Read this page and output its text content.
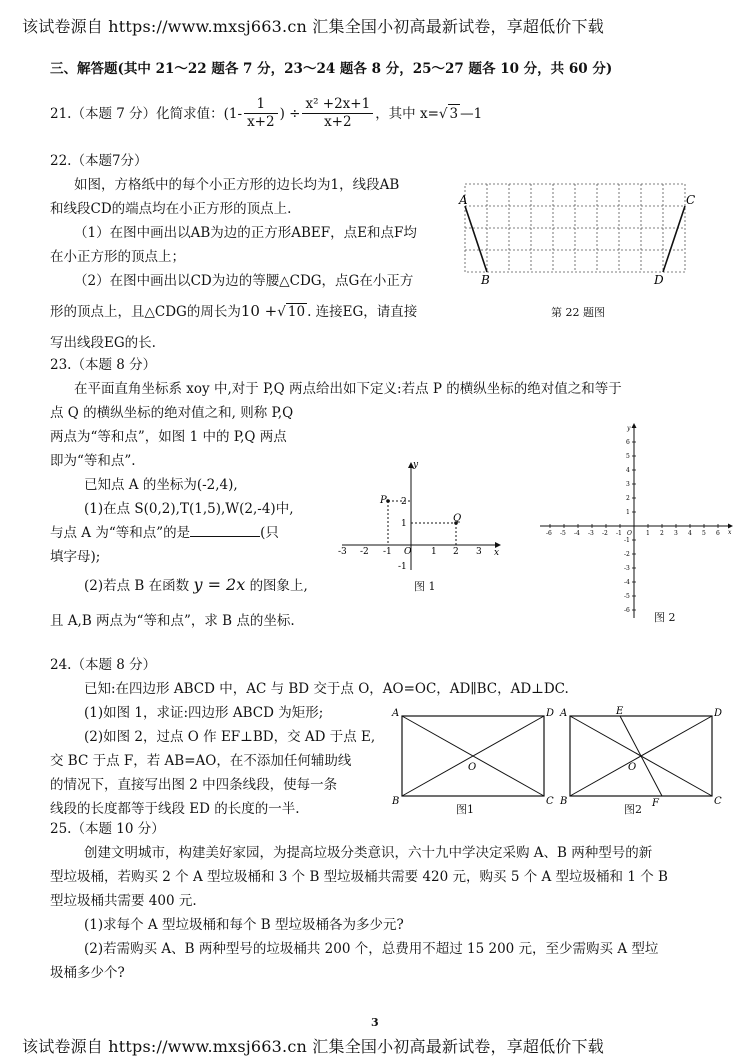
该试卷源自 https://www.mxsj663.cn 汇集全国小初高最新试卷，享超低价下载
三、解答题(其中 21～22 题各 7 分，23～24 题各 8 分，25～27 题各 10 分，共 60 分)
21.（本题 7 分）化简求值：($1- \frac{1}{x+2}$ ) ÷ $\frac{\text{x² +2x+1}}{x+2}$ ，其中 x= √ 3 —1
22.（本题7分）
如图，方格纸中的每个小正方形的边长均为1，线段AB
和线段CD的端点均在小正方形的顶点上.
（1）在图中画出以AB为边的正方形ABEF，点E和点F均
在小正方形的顶点上；
（2）在图中画出以CD为边的等腰△CDG，点G在小正方
形的顶点上，且△CDG的周长为10 +√ 10 . 连接EG，请直接
写出线段EG的长.
A
B
C
D
第 22 题图
23.（本题 8 分）
在平面直角坐标系 xoy 中,对于 P,Q 两点给出如下定义:若点 P 的横纵坐标的绝对值之和等于
点 Q 的横纵坐标的绝对值之和, 则称 P,Q
两点为“等和点”，如图 1 中的 P,Q 两点
即为“等和点”.
已知点 A 的坐标为(-2,4),
(1)在点 S(0,2),T(1,5),W(2,-4)中,
与点 A 为“等和点”的是	(只
填字母);
(2)若点 B 在函数 y = 2x 的图象上,
且 A,B 两点为“等和点”，求 B 点的坐标.
P
Q
x
y
-3 -2 -1 O 1 2 3
2
1
-1
图 1
-6 -5 -4 -3 -2 -1 O 1 2 3 4 5 6
6
5
4
3
2
1
-1
-2
-3
-4
-5
-6
x
y
图 2
24.（本题 8 分）
已知:在四边形 ABCD 中，AC 与 BD 交于点 O，AO=OC，AD∥BC，AD⊥DC.
(1)如图 1，求证:四边形 ABCD 为矩形;
(2)如图 2，过点 O 作 EF⊥BD，交 AD 于点 E,
交 BC 于点 F，若 AB=AO，在不添加任何辅助线
的情况下，直接写出图 2 中四条线段，使每一条
线段的长度都等于线段 ED 的长度的一半.
A	D
B	C
O
图1
A	E	D
B	F	C
O
图2
25.（本题 10 分）
创建文明城市，构建美好家园，为提高垃圾分类意识，六十九中学决定采购 A、B 两种型号的新
型垃圾桶，若购买 2 个 A 型垃圾桶和 3 个 B 型垃圾桶共需要 420 元，购买 5 个 A 型垃圾桶和 1 个 B
型垃圾桶共需要 400 元.
(1)求每个 A 型垃圾桶和每个 B 型垃圾桶各为多少元?
(2)若需购买 A、B 两种型号的垃圾桶共 200 个，总费用不超过 15 200 元，至少需购买 A 型垃
圾桶多少个?
3
该试卷源自 https://www.mxsj663.cn 汇集全国小初高最新试卷，享超低价下载
